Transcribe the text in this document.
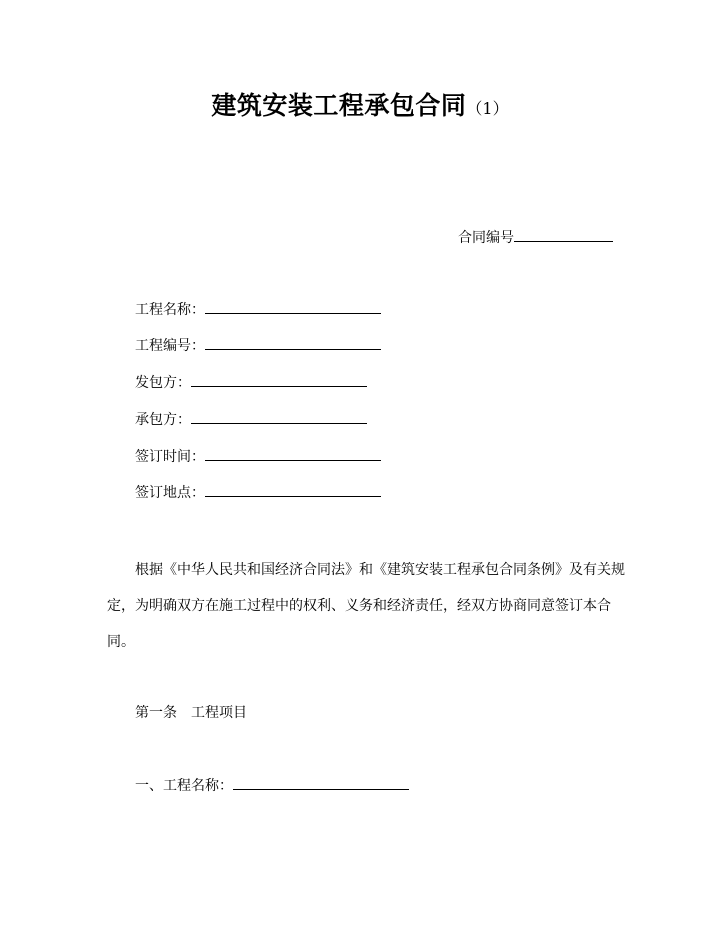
建筑安装工程承包合同（1）
合同编号
工程名称：
工程编号：
发包方：
承包方：
签订时间：
签订地点：
根据《中华人民共和国经济合同法》和《建筑安装工程承包合同条例》及有关规定，为明确双方在施工过程中的权利、义务和经济责任，经双方协商同意签订本合同。
第一条 工程项目
一、工程名称：
